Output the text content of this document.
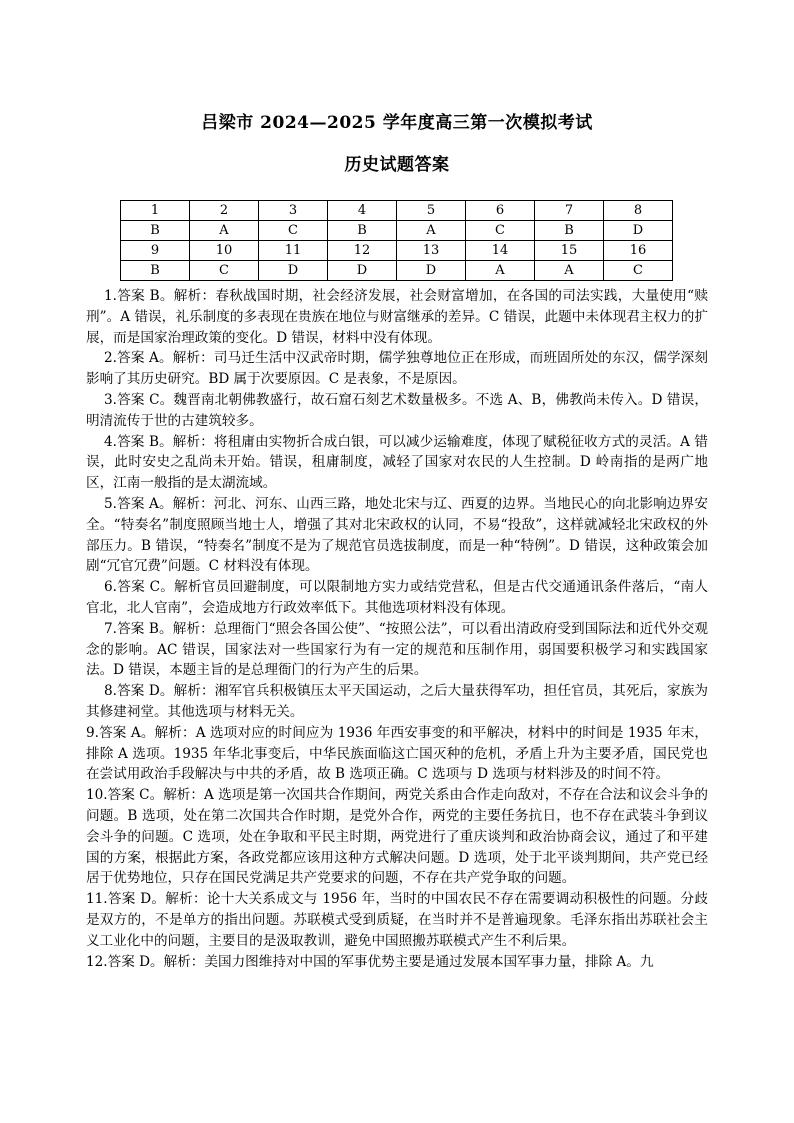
吕梁市 2024—2025 学年度高三第一次模拟考试
历史试题答案
1	2	3	4	5	6	7	8
B	A	C	B	A	C	B	D
9	10	11	12	13	14	15	16
B	C	D	D	D	A	A	C

1.答案 B。解析：春秋战国时期，社会经济发展，社会财富增加，在各国的司法实践，大量使用“赎刑”。A 错误，礼乐制度的多表现在贵族在地位与财富继承的差异。C 错误，此题中未体现君主权力的扩展，而是国家治理政策的变化。D 错误，材料中没有体现。

2.答案 A。解析：司马迁生活中汉武帝时期，儒学独尊地位正在形成，而班固所处的东汉，儒学深刻影响了其历史研究。BD 属于次要原因。C 是表象，不是原因。

3.答案 C。魏晋南北朝佛教盛行，故石窟石刻艺术数量极多。不选 A、B，佛教尚未传入。D 错误，明清流传于世的古建筑较多。

4.答案 B。解析：将租庸由实物折合成白银，可以减少运输难度，体现了赋税征收方式的灵活。A 错误，此时安史之乱尚未开始。错误，租庸制度，减轻了国家对农民的人生控制。D 岭南指的是两广地区，江南一般指的是太湖流域。

5.答案 A。解析：河北、河东、山西三路，地处北宋与辽、西夏的边界。当地民心的向北影响边界安全。“特奏名”制度照顾当地士人，增强了其对北宋政权的认同，不易“投敌”，这样就减轻北宋政权的外部压力。B 错误，“特奏名”制度不是为了规范官员选拔制度，而是一种“特例”。D 错误，这种政策会加剧“冗官冗费”问题。C 材料没有体现。

6.答案 C。解析官员回避制度，可以限制地方实力或结党营私，但是古代交通通讯条件落后，“南人官北，北人官南”，会造成地方行政效率低下。其他选项材料没有体现。

7.答案 B。解析：总理衙门“照会各国公使”、“按照公法”，可以看出清政府受到国际法和近代外交观念的影响。AC 错误，国家法对一些国家行为有一定的规范和压制作用，弱国要积极学习和实践国家法。D 错误，本题主旨的是总理衙门的行为产生的后果。

8.答案 D。解析：湘军官兵积极镇压太平天国运动，之后大量获得军功，担任官员，其死后，家族为其修建祠堂。其他选项与材料无关。

9.答案 A。解析：A 选项对应的时间应为 1936 年西安事变的和平解决，材料中的时间是 1935 年末，排除 A 选项。1935 年华北事变后，中华民族面临这亡国灭种的危机，矛盾上升为主要矛盾，国民党也在尝试用政治手段解决与中共的矛盾，故 B 选项正确。C 选项与 D 选项与材料涉及的时间不符。

10.答案 C。解析：A 选项是第一次国共合作期间，两党关系由合作走向敌对，不存在合法和议会斗争的问题。B 选项，处在第二次国共合作时期，是党外合作，两党的主要任务抗日，也不存在武装斗争到议会斗争的问题。C 选项，处在争取和平民主时期，两党进行了重庆谈判和政治协商会议，通过了和平建国的方案，根据此方案，各政党都应该用这种方式解决问题。D 选项，处于北平谈判期间，共产党已经居于优势地位，只存在国民党满足共产党要求的问题，不存在共产党争取的问题。

11.答案 D。解析：论十大关系成文与 1956 年，当时的中国农民不存在需要调动积极性的问题。分歧是双方的，不是单方的指出问题。苏联模式受到质疑，在当时并不是普遍现象。毛泽东指出苏联社会主义工业化中的问题，主要目的是汲取教训，避免中国照搬苏联模式产生不利后果。

12.答案 D。解析：美国力图维持对中国的军事优势主要是通过发展本国军事力量，排除 A。九
